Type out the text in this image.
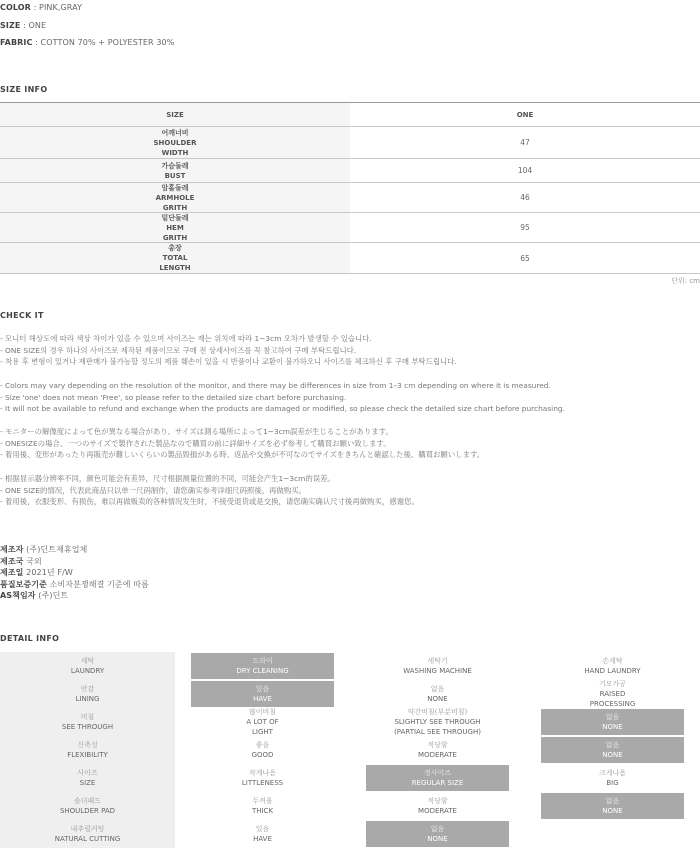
COLOR : PINK,GRAY
SIZE : ONE
FABRIC : COTTON 70% + POLYESTER 30%
SIZE INFO
SIZE	ONE
어깨너비
SHOULDER
WIDTH
47
가슴둘레
BUST
104
암홀둘레
ARMHOLE
GRITH
46
밑단둘레
HEM
GRITH
95
총장
TOTAL
LENGTH
65
단위: cm
CHECK IT
- 모니터 해상도에 따라 색상 차이가 있을 수 있으며 사이즈는 재는 위치에 따라 1~3cm 오차가 발생할 수 있습니다.
- ONE SIZE의 경우 하나의 사이즈로 제작된 제품이므로 구매 전 상세사이즈를 꼭 참고하여 구매 부탁드립니다.
- 착용 후 변형이 있거나 재판매가 불가능할 정도의 제품 훼손이 있을 시 반품이나 교환이 불가하오니 사이즈를 체크하신 후 구매 부탁드립니다.
- Colors may vary depending on the resolution of the monitor, and there may be differences in size from 1–3 cm depending on where it is measured.
- Size 'one' does not mean 'Free', so please refer to the detailed size chart before purchasing.
- It will not be available to refund and exchange when the products are damaged or modified, so please check the detailed size chart before purchasing.
- モニターの解像度によって色が異なる場合があり、サイズは測る場所によって1~3cm誤差が生じることがあります。
- ONESIZEの場合、一つのサイズで製作された製品なので購買の前に詳細サイズを必ず参考して購買お願い致します。
- 着用後、変形があったり再販売が難しいくらいの製品毀損がある時、返品や交換が不可なのでサイズをきちんと確認した後、購買お願いします。
- 根据显示器分辨率不同，颜色可能会有差异，尺寸根据测量位置的不同，可能会产生1~3cm的误差。
- ONE SIZE的情况，代表此商品只以单一尺码制作，请您确实参考详细尺码照後，再做购买。
- 着用後，衣服变形、有损伤，难以再做贩卖的各种情况发生时，不接受退货或是交换，请您确实确认尺寸後再做购买，感谢您。
제조자 (주)딘트제휴업체
제조국 국외
제조일 2021년 F/W
품질보증기준 소비자분쟁해결 기준에 따름
AS책임자 (주)딘트
DETAIL INFO
세탁
LAUNDRY
드라이
DRY CLEANING
세탁기
WASHING MACHINE
손세탁
HAND LAUNDRY
안감
LINING
있음
HAVE
없음
NONE
기모가공
RAISED
PROCESSING
비침
SEE THROUGH
많이비침
A LOT OF
LIGHT
약간비침(부분비침)
SLIGHTLY SEE THROUGH
(PARTIAL SEE THROUGH)
없음
NONE
신축성
FLEXIBILITY
좋음
GOOD
적당함
MODERATE
없음
NONE
사이즈
SIZE
작게나옴
LITTLENESS
정사이즈
REGULAR SIZE
크게나옴
BIG
숄더패드
SHOULDER PAD
두꺼움
THICK
적당함
MODERATE
없음
NONE
내추럴커팅
NATURAL CUTTING
있음
HAVE
없음
NONE
